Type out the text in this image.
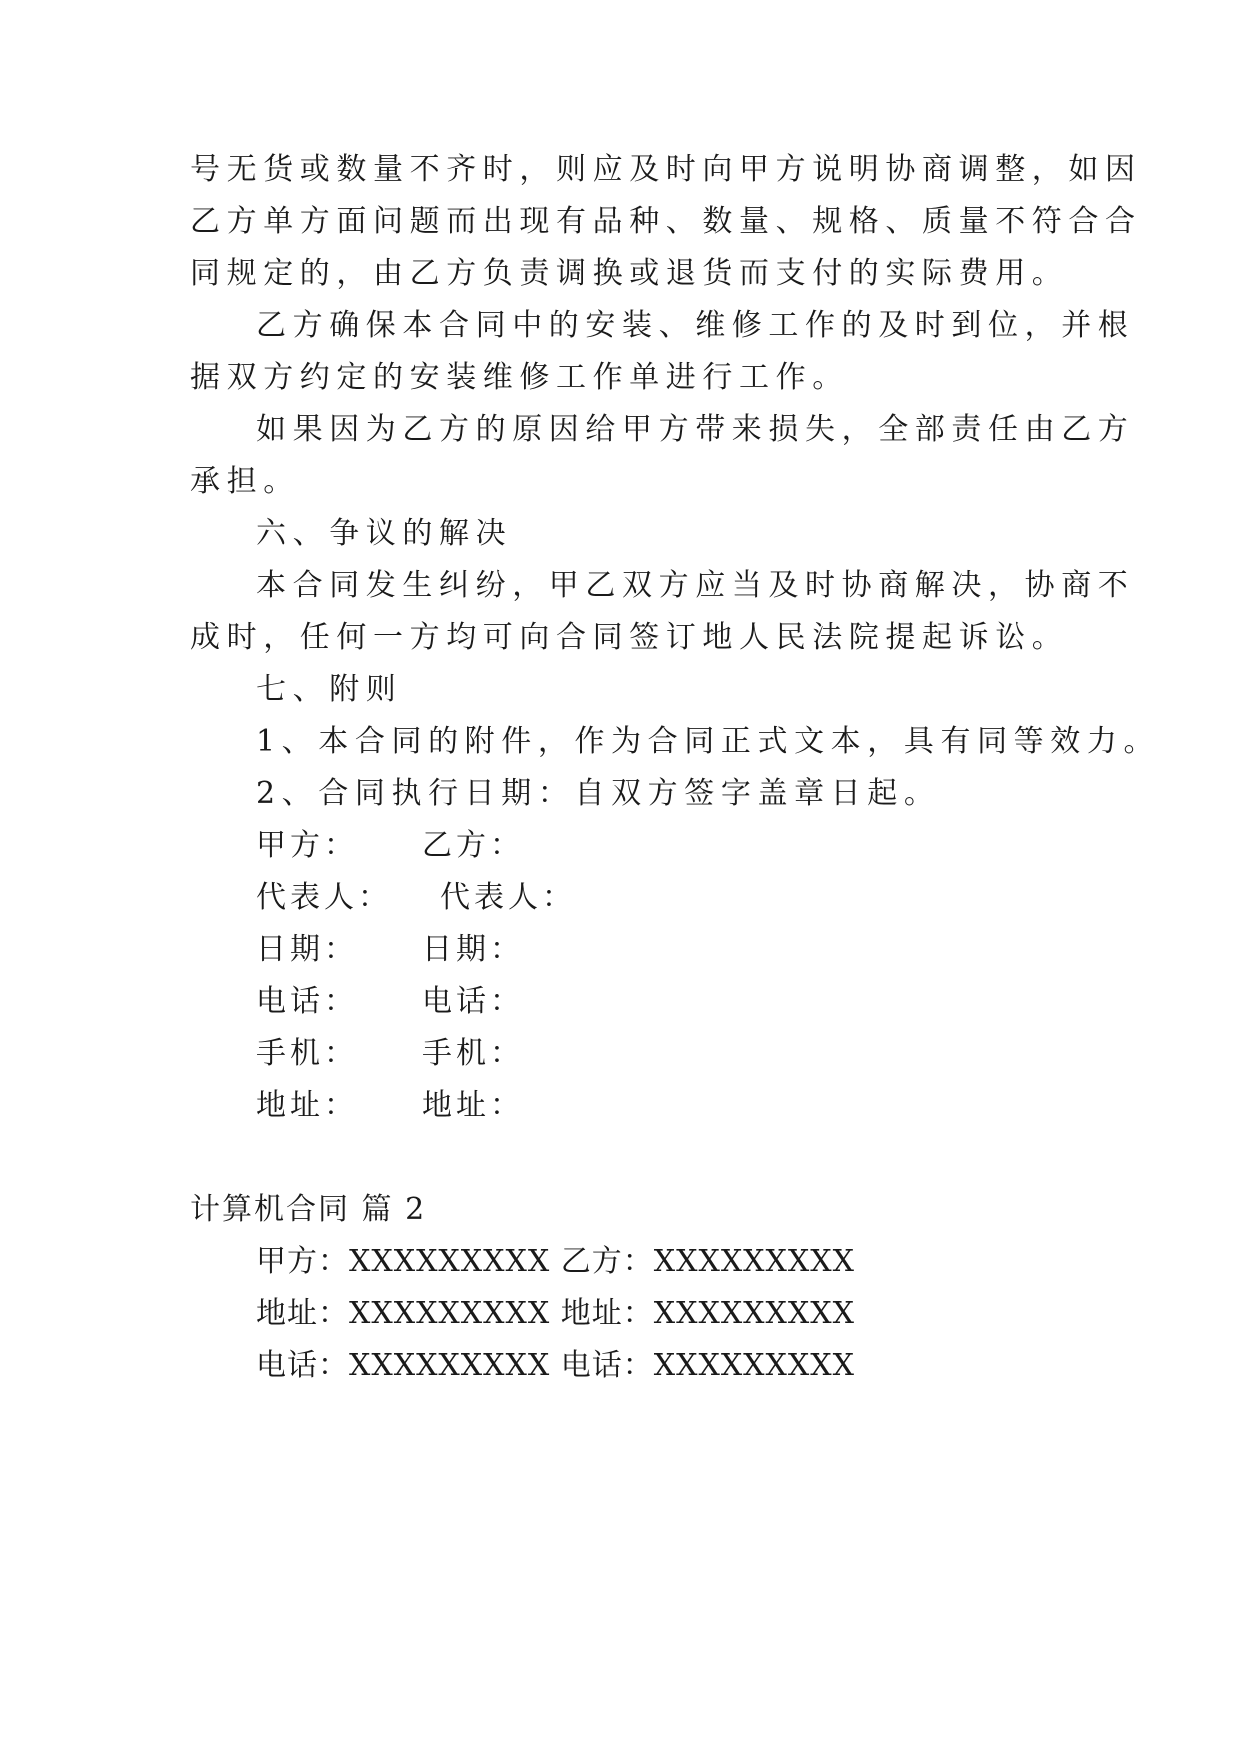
号无货或数量不齐时，则应及时向甲方说明协商调整，如因
乙方单方面问题而出现有品种、数量、规格、质量不符合合
同规定的，由乙方负责调换或退货而支付的实际费用。
乙方确保本合同中的安装、维修工作的及时到位，并根
据双方约定的安装维修工作单进行工作。
如果因为乙方的原因给甲方带来损失，全部责任由乙方
承担。
六、争议的解决
本合同发生纠纷，甲乙双方应当及时协商解决，协商不
成时，任何一方均可向合同签订地人民法院提起诉讼。
七、附则
1、本合同的附件，作为合同正式文本，具有同等效力。
2、合同执行日期：自双方签字盖章日起。
甲方：	乙方：
代表人：	代表人：
日期：	日期：
电话：	电话：
手机：	手机：
地址：	地址：
计算机合同 篇 2
甲方：XXXXXXXXX 乙方：XXXXXXXXX
地址：XXXXXXXXX 地址：XXXXXXXXX
电话：XXXXXXXXX 电话：XXXXXXXXX
